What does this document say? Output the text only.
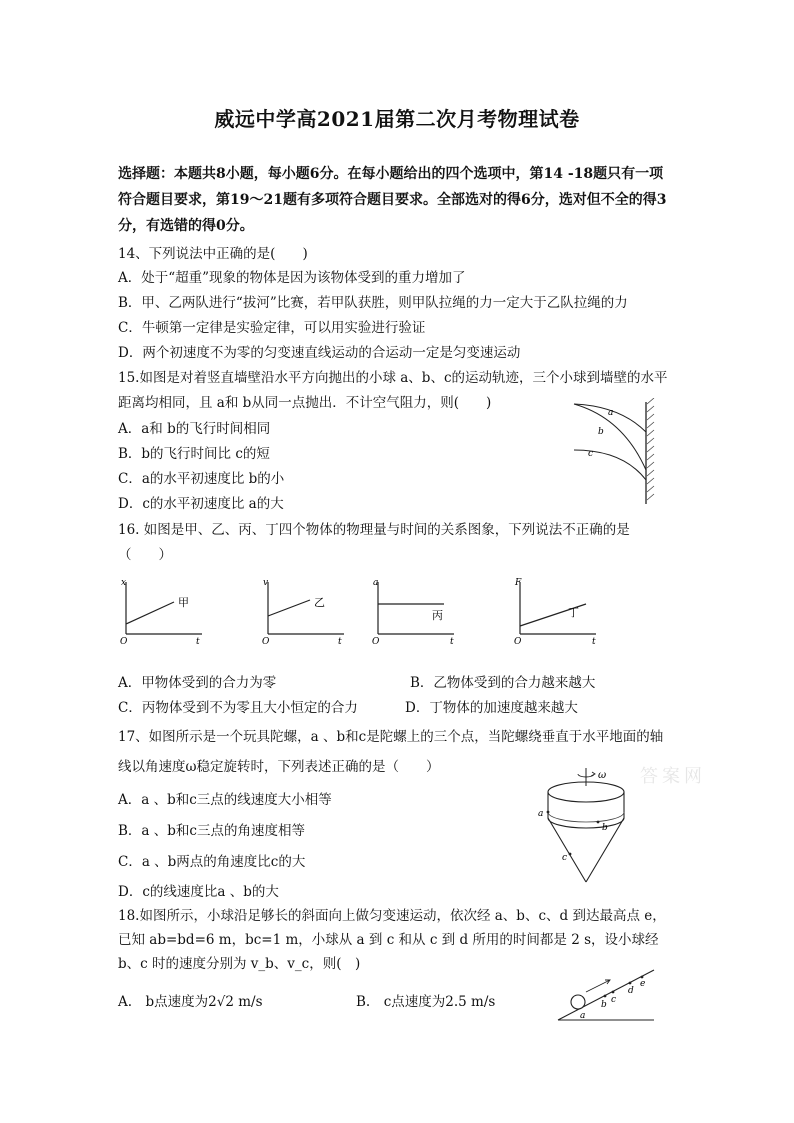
威远中学高2021届第二次月考物理试卷
选择题：本题共8小题，每小题6分。在每小题给出的四个选项中，第14 -18题只有一项
符合题目要求，第19～21题有多项符合题目要求。全部选对的得6分，选对但不全的得3
分，有选错的得0分。
14、下列说法中正确的是(　　)
A．处于“超重”现象的物体是因为该物体受到的重力增加了
B．甲、乙两队进行“拔河”比赛，若甲队获胜，则甲队拉绳的力一定大于乙队拉绳的力
C．牛顿第一定律是实验定律，可以用实验进行验证
D．两个初速度不为零的匀变速直线运动的合运动一定是匀变速运动
15.如图是对着竖直墙壁沿水平方向抛出的小球 a、b、c的运动轨迹，三个小球到墙壁的水平
距离均相同，且 a和 b从同一点抛出．不计空气阻力，则(　　)
A．a和 b的飞行时间相同
B．b的飞行时间比 c的短
C．a的水平初速度比 b的小
D．c的水平初速度比 a的大
a
b
c
16. 如图是甲、乙、丙、丁四个物体的物理量与时间的关系图象，下列说法不正确的是
（　　）
x
t
O
甲
v
t
O
乙
a
t
O
丙
F
t
O
丁
A．甲物体受到的合力为零	B．乙物体受到的合力越来越大
C．丙物体受到不为零且大小恒定的合力	D．丁物体的加速度越来越大
17、如图所示是一个玩具陀螺，a 、b和c是陀螺上的三个点，当陀螺绕垂直于水平地面的轴
线以角速度ω稳定旋转时，下列表述正确的是（　　）
A．a 、b和c三点的线速度大小相等
B．a 、b和c三点的角速度相等
C．a 、b两点的角速度比c的大
D．c的线速度比a 、b的大
答案网
ω
a
b
c
18.如图所示，小球沿足够长的斜面向上做匀变速运动，依次经 a、b、c、d 到达最高点 e，
已知 ab=bd=6 m，bc=1 m，小球从 a 到 c 和从 c 到 d 所用的时间都是 2 s，设小球经
b、c 时的速度分别为 v_b、v_c，则(　)
A.　b点速度为2√2 m/s	B.　c点速度为2.5 m/s
a
b c
d
e
